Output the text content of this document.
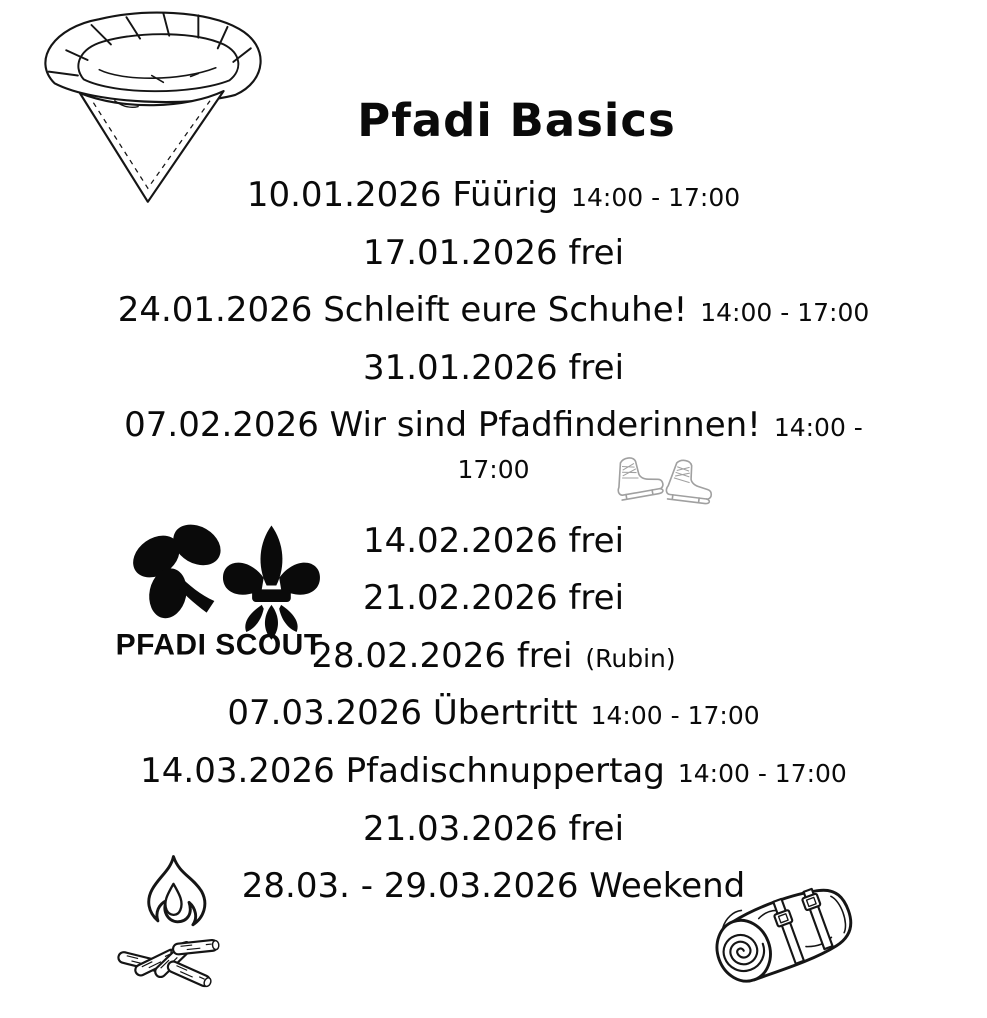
Pfadi Basics
10.01.2026 Füürig 14:00 - 17:00
17.01.2026 frei
24.01.2026 Schleift eure Schuhe! 14:00 - 17:00
31.01.2026 frei
07.02.2026 Wir sind Pfadfinderinnen! 14:00 -
17:00
14.02.2026 frei
21.02.2026 frei
28.02.2026 frei (Rubin)
07.03.2026 Übertritt 14:00 - 17:00
14.03.2026 Pfadischnuppertag 14:00 - 17:00
21.03.2026 frei
28.03. - 29.03.2026 Weekend
PFADI SCOUT
